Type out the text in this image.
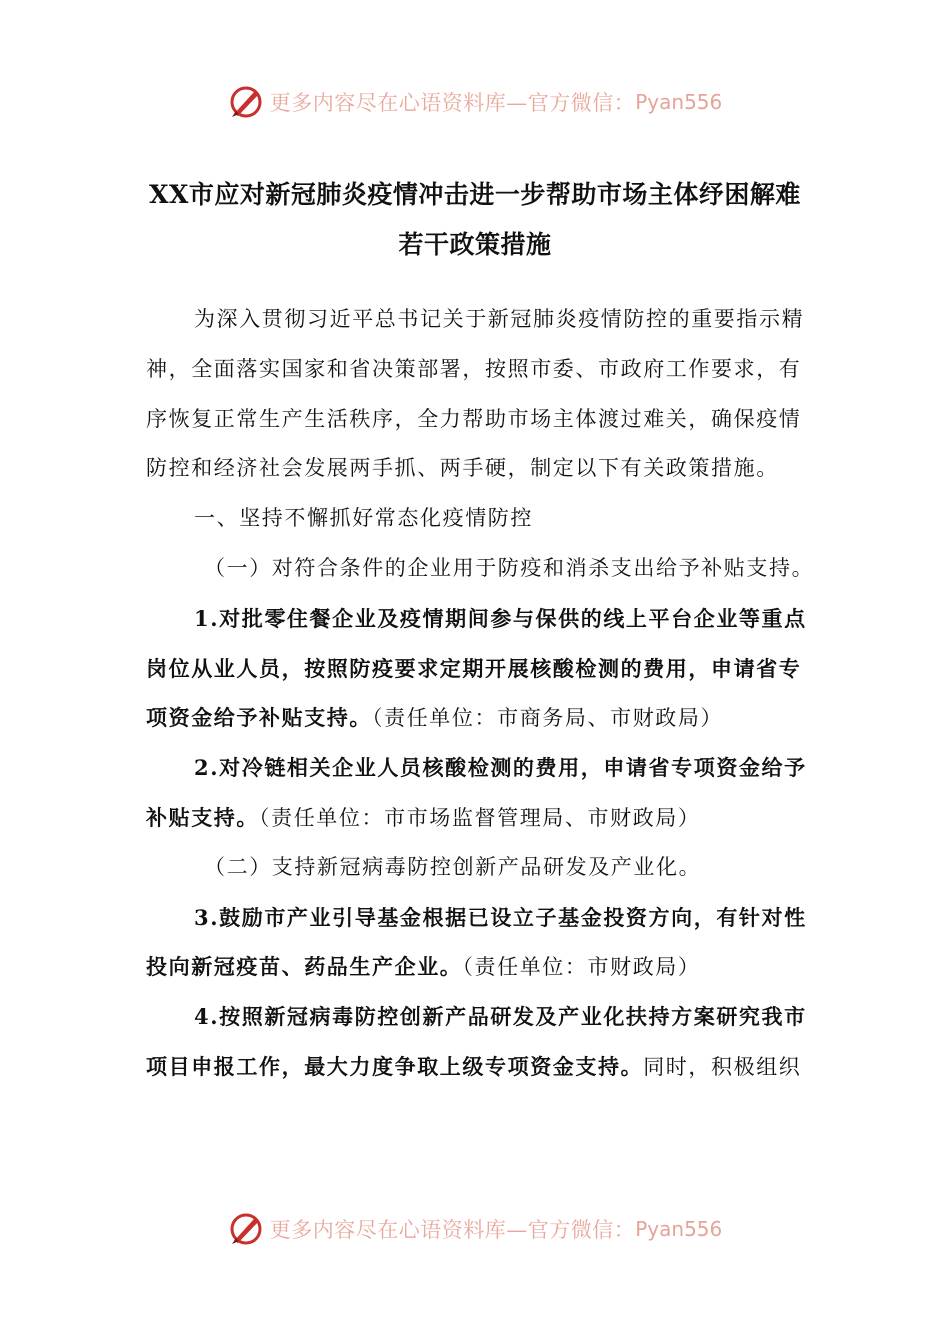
更多内容尽在心语资料库—官方微信： Pyan556
XX市应对新冠肺炎疫情冲击进一步帮助市场主体纾困解难
若干政策措施
为深入贯彻习近平总书记关于新冠肺炎疫情防控的重要指示精
神，全面落实国家和省决策部署，按照市委、市政府工作要求，有
序恢复正常生产生活秩序，全力帮助市场主体渡过难关，确保疫情
防控和经济社会发展两手抓、两手硬，制定以下有关政策措施。
一、坚持不懈抓好常态化疫情防控
（一）对符合条件的企业用于防疫和消杀支出给予补贴支持。
1.对批零住餐企业及疫情期间参与保供的线上平台企业等重点
岗位从业人员，按照防疫要求定期开展核酸检测的费用，申请省专
项资金给予补贴支持。（责任单位：市商务局、市财政局）
2.对冷链相关企业人员核酸检测的费用，申请省专项资金给予
补贴支持。（责任单位：市市场监督管理局、市财政局）
（二）支持新冠病毒防控创新产品研发及产业化。
3.鼓励市产业引导基金根据已设立子基金投资方向，有针对性
投向新冠疫苗、药品生产企业。（责任单位：市财政局）
4.按照新冠病毒防控创新产品研发及产业化扶持方案研究我市
项目申报工作，最大力度争取上级专项资金支持。同时，积极组织
更多内容尽在心语资料库—官方微信： Pyan556
